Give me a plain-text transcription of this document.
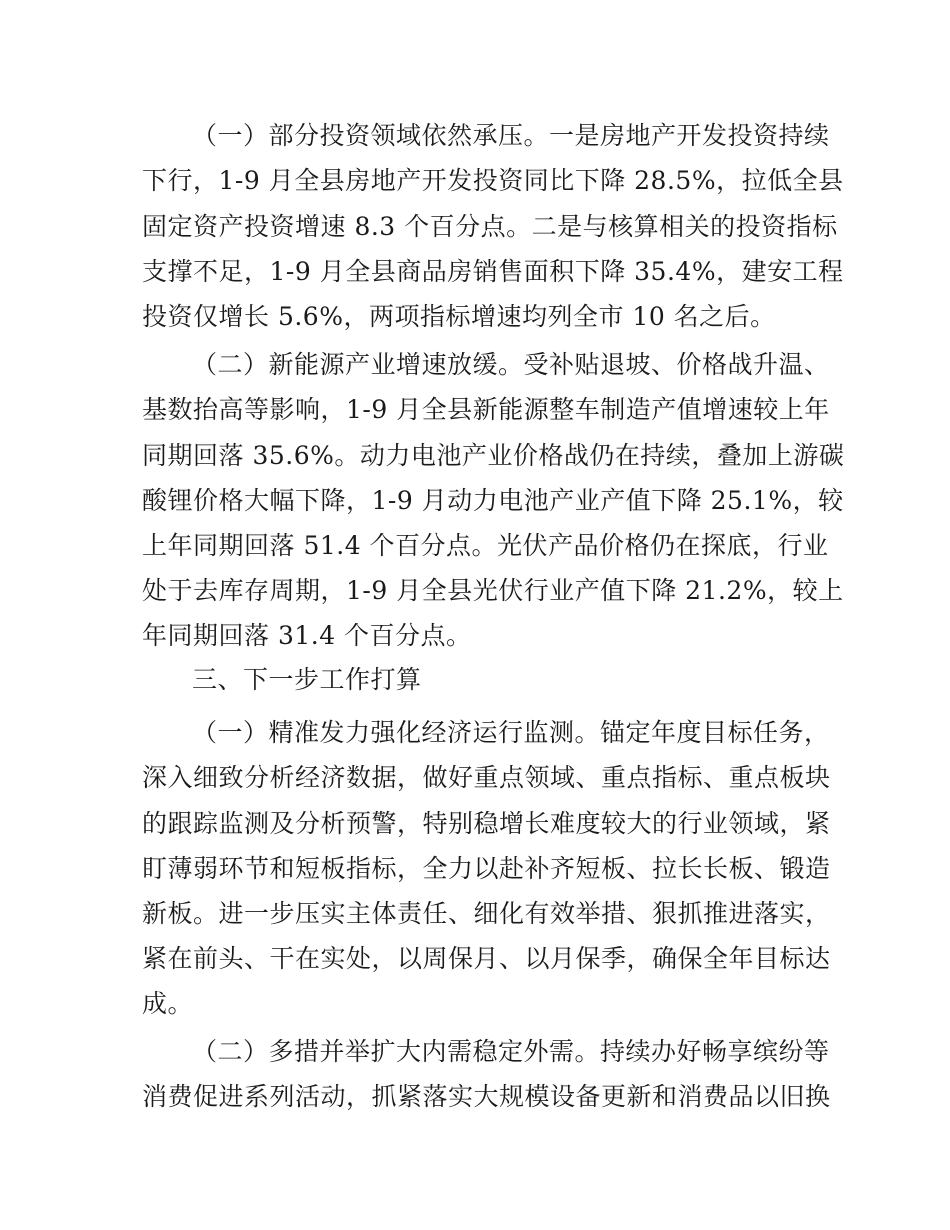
（一）部分投资领域依然承压。一是房地产开发投资持续
下行，1-9 月全县房地产开发投资同比下降 28.5%，拉低全县
固定资产投资增速 8.3 个百分点。二是与核算相关的投资指标
支撑不足，1-9 月全县商品房销售面积下降 35.4%，建安工程
投资仅增长 5.6%，两项指标增速均列全市 10 名之后。
（二）新能源产业增速放缓。受补贴退坡、价格战升温、
基数抬高等影响，1-9 月全县新能源整车制造产值增速较上年
同期回落 35.6%。动力电池产业价格战仍在持续，叠加上游碳
酸锂价格大幅下降，1-9 月动力电池产业产值下降 25.1%，较
上年同期回落 51.4 个百分点。光伏产品价格仍在探底，行业
处于去库存周期，1-9 月全县光伏行业产值下降 21.2%，较上
年同期回落 31.4 个百分点。
三、下一步工作打算
（一）精准发力强化经济运行监测。锚定年度目标任务，
深入细致分析经济数据，做好重点领域、重点指标、重点板块
的跟踪监测及分析预警，特别稳增长难度较大的行业领域，紧
盯薄弱环节和短板指标，全力以赴补齐短板、拉长长板、锻造
新板。进一步压实主体责任、细化有效举措、狠抓推进落实，
紧在前头、干在实处，以周保月、以月保季，确保全年目标达
成。
（二）多措并举扩大内需稳定外需。持续办好畅享缤纷等
消费促进系列活动，抓紧落实大规模设备更新和消费品以旧换
